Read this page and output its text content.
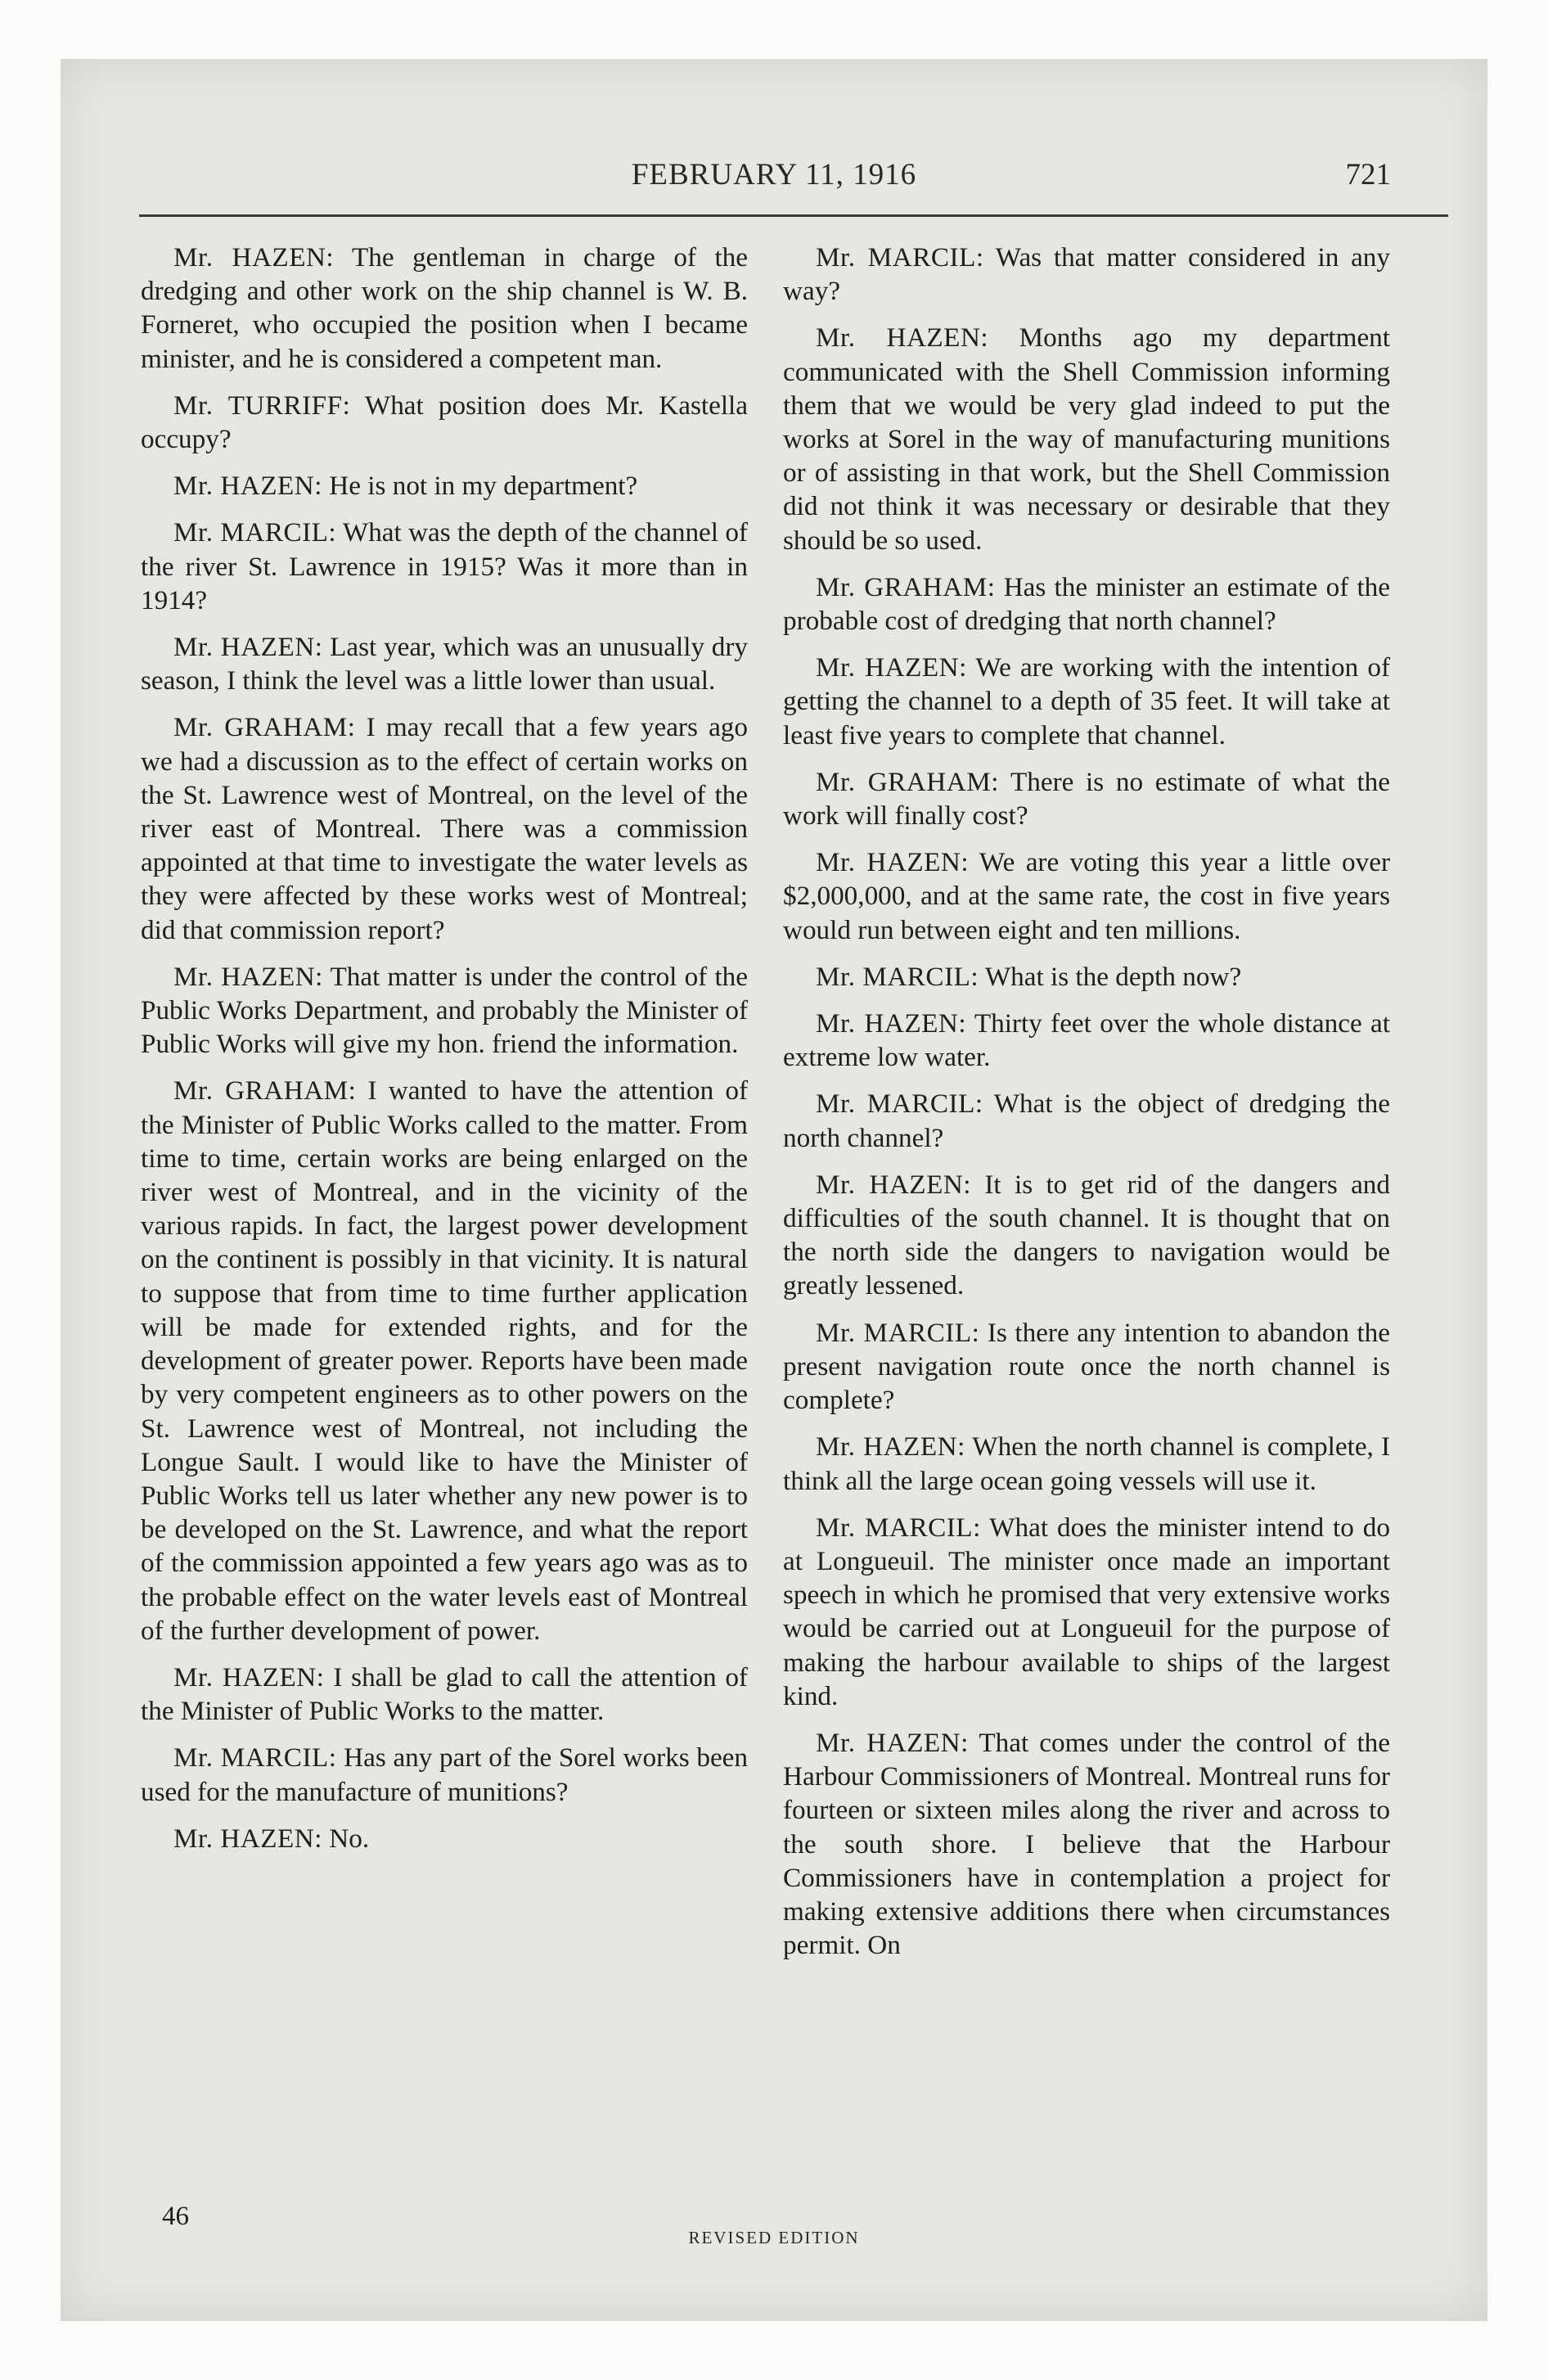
FEBRUARY 11, 1916	721

Mr. HAZEN: The gentleman in charge of the dredging and other work on the ship channel is W. B. Forneret, who occupied the position when I became minister, and he is considered a competent man.

Mr. TURRIFF: What position does Mr. Kastella occupy?

Mr. HAZEN: He is not in my department?

Mr. MARCIL: What was the depth of the channel of the river St. Lawrence in 1915? Was it more than in 1914?

Mr. HAZEN: Last year, which was an unusually dry season, I think the level was a little lower than usual.

Mr. GRAHAM: I may recall that a few years ago we had a discussion as to the effect of certain works on the St. Lawrence west of Montreal, on the level of the river east of Montreal. There was a commission appointed at that time to investigate the water levels as they were affected by these works west of Montreal; did that commission report?

Mr. HAZEN: That matter is under the control of the Public Works Department, and probably the Minister of Public Works will give my hon. friend the information.

Mr. GRAHAM: I wanted to have the attention of the Minister of Public Works called to the matter. From time to time, certain works are being enlarged on the river west of Montreal, and in the vicinity of the various rapids. In fact, the largest power development on the continent is possibly in that vicinity. It is natural to suppose that from time to time further application will be made for extended rights, and for the development of greater power. Reports have been made by very competent engineers as to other powers on the St. Lawrence west of Montreal, not including the Longue Sault. I would like to have the Minister of Public Works tell us later whether any new power is to be developed on the St. Lawrence, and what the report of the commission appointed a few years ago was as to the probable effect on the water levels east of Montreal of the further development of power.

Mr. HAZEN: I shall be glad to call the attention of the Minister of Public Works to the matter.

Mr. MARCIL: Has any part of the Sorel works been used for the manufacture of munitions?

Mr. HAZEN: No.

Mr. MARCIL: Was that matter considered in any way?

Mr. HAZEN: Months ago my department communicated with the Shell Commission informing them that we would be very glad indeed to put the works at Sorel in the way of manufacturing munitions or of assisting in that work, but the Shell Commission did not think it was necessary or desirable that they should be so used.

Mr. GRAHAM: Has the minister an estimate of the probable cost of dredging that north channel?

Mr. HAZEN: We are working with the intention of getting the channel to a depth of 35 feet. It will take at least five years to complete that channel.

Mr. GRAHAM: There is no estimate of what the work will finally cost?

Mr. HAZEN: We are voting this year a little over $2,000,000, and at the same rate, the cost in five years would run between eight and ten millions.

Mr. MARCIL: What is the depth now?

Mr. HAZEN: Thirty feet over the whole distance at extreme low water.

Mr. MARCIL: What is the object of dredging the north channel?

Mr. HAZEN: It is to get rid of the dangers and difficulties of the south channel. It is thought that on the north side the dangers to navigation would be greatly lessened.

Mr. MARCIL: Is there any intention to abandon the present navigation route once the north channel is complete?

Mr. HAZEN: When the north channel is complete, I think all the large ocean going vessels will use it.

Mr. MARCIL: What does the minister intend to do at Longueuil. The minister once made an important speech in which he promised that very extensive works would be carried out at Longueuil for the purpose of making the harbour available to ships of the largest kind.

Mr. HAZEN: That comes under the control of the Harbour Commissioners of Montreal. Montreal runs for fourteen or sixteen miles along the river and across to the south shore. I believe that the Harbour Commissioners have in contemplation a project for making extensive additions there when circumstances permit. On

46
REVISED EDITION
